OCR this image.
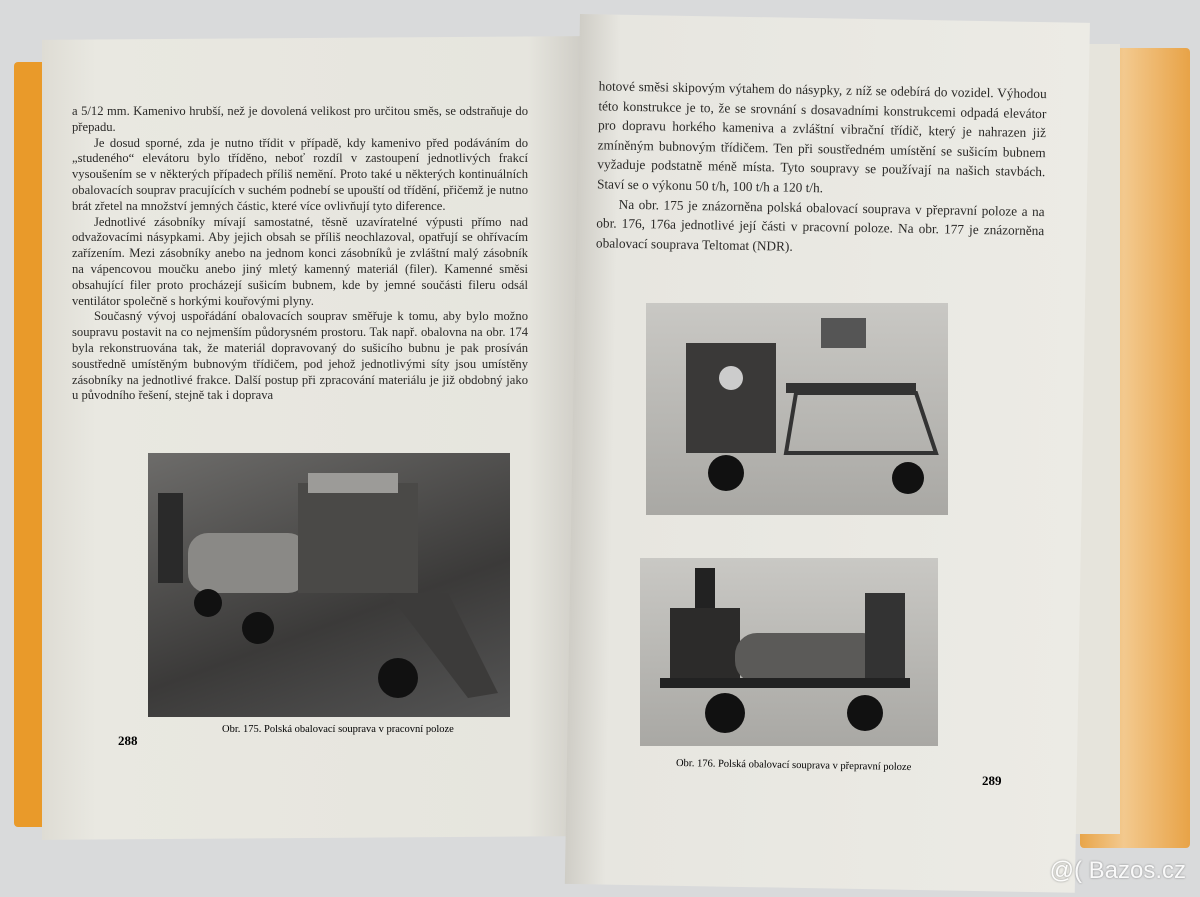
a 5/12 mm. Kamenivo hrubší, než je dovolená velikost pro určitou směs, se odstraňuje do přepadu.

Je dosud sporné, zda je nutno třídit v případě, kdy kamenivo před podáváním do „studeného“ elevátoru bylo tříděno, neboť rozdíl v zastoupení jednotlivých frakcí vysoušením se v některých případech příliš nemění. Proto také u některých kontinuálních obalovacích souprav pracujících v suchém podnebí se upouští od třídění, přičemž je nutno brát zřetel na množství jemných částic, které více ovlivňují tyto diference.

Jednotlivé zásobníky mívají samostatné, těsně uzavíratelné výpusti přímo nad odvažovacími násypkami. Aby jejich obsah se příliš neochlazoval, opatřují se ohřívacím zařízením. Mezi zásobníky anebo na jednom konci zásobníků je zvláštní malý zásobník na vápencovou moučku anebo jiný mletý kamenný materiál (filer). Kamenné směsi obsahující filer proto procházejí sušicím bubnem, kde by jemné součásti fileru odsál ventilátor společně s horkými kouřovými plyny.

Současný vývoj uspořádání obalovacích souprav směřuje k tomu, aby bylo možno soupravu postavit na co nejmenším půdorysném prostoru. Tak např. obalovna na obr. 174 byla rekonstruována tak, že materiál dopravovaný do sušicího bubnu je pak prosíván soustředně umístěným bubnovým třídičem, pod jehož jednotlivými síty jsou umístěny zásobníky na jednotlivé frakce. Další postup při zpracování materiálu je již obdobný jako u původního řešení, stejně tak i doprava

Obr. 175. Polská obalovací souprava v pracovní poloze
288

hotové směsi skipovým výtahem do násypky, z níž se odebírá do vozidel. Výhodou této konstrukce je to, že se srovnání s dosavadními konstrukcemi odpadá elevátor pro dopravu horkého kameniva a zvláštní vibrační třídič, který je nahrazen již zmíněným bubnovým třídičem. Ten při soustředném umístění se sušicím bubnem vyžaduje podstatně méně místa. Tyto soupravy se používají na našich stavbách. Staví se o výkonu 50 t/h, 100 t/h a 120 t/h.

Na obr. 175 je znázorněna polská obalovací souprava v přepravní poloze a na obr. 176, 176a jednotlivé její části v pracovní poloze. Na obr. 177 je znázorněna obalovací souprava Teltomat (NDR).

Obr. 176. Polská obalovací souprava v přepravní poloze
289
@( Bazos.cz
